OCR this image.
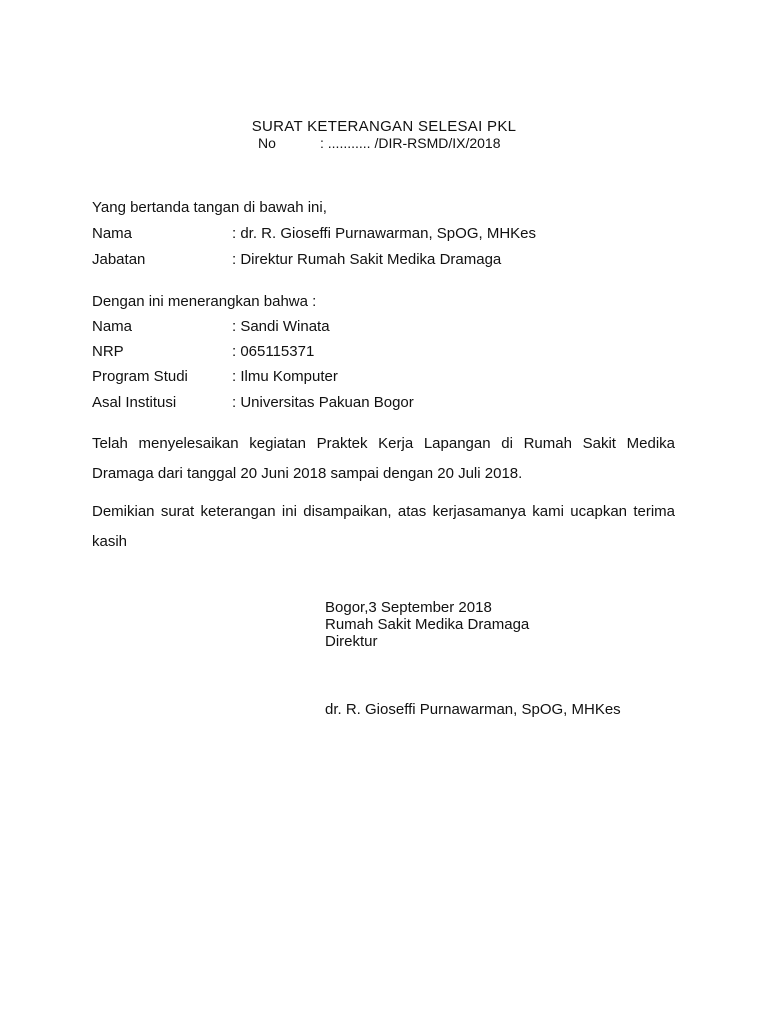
SURAT KETERANGAN SELESAI PKL
No	: ........... /DIR-RSMD/IX/2018
Yang bertanda tangan di bawah ini,
Nama	: dr. R. Gioseffi Purnawarman, SpOG, MHKes
Jabatan	: Direktur Rumah Sakit Medika Dramaga
Dengan ini menerangkan bahwa :
Nama	: Sandi Winata
NRP	: 065115371
Program Studi	: Ilmu Komputer
Asal Institusi	: Universitas Pakuan Bogor
Telah menyelesaikan kegiatan Praktek Kerja Lapangan di Rumah Sakit Medika Dramaga dari tanggal 20 Juni 2018 sampai dengan 20 Juli 2018.
Demikian surat keterangan ini disampaikan, atas kerjasamanya kami ucapkan terima kasih
Bogor,3 September 2018
Rumah Sakit Medika Dramaga
Direktur
dr. R. Gioseffi Purnawarman, SpOG, MHKes
